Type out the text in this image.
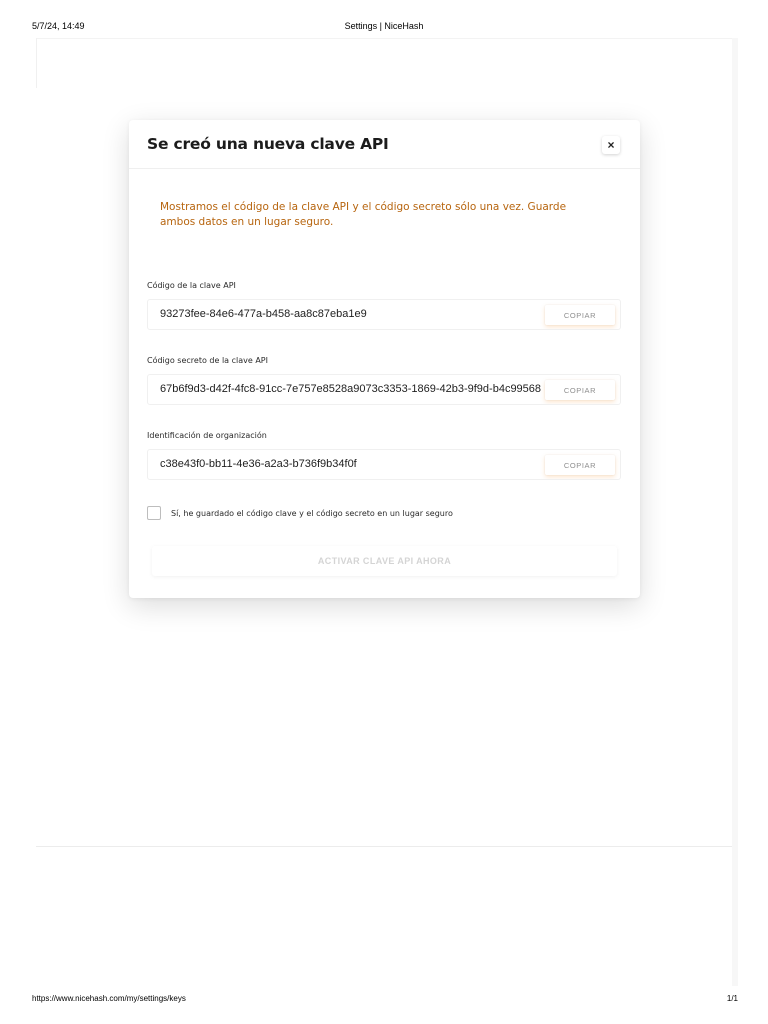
5/7/24, 14:49	Settings | NiceHash
Se creó una nueva clave API	×
Mostramos el código de la clave API y el código secreto sólo una vez. Guarde ambos datos en un lugar seguro.
Código de la clave API
93273fee-84e6-477a-b458-aa8c87eba1e9	COPIAR
Código secreto de la clave API
67b6f9d3-d42f-4fc8-91cc-7e757e8528a9073c3353-1869-42b3-9f9d-b4c99568	COPIAR
Identificación de organización
c38e43f0-bb11-4e36-a2a3-b736f9b34f0f	COPIAR
Sí, he guardado el código clave y el código secreto en un lugar seguro
ACTIVAR CLAVE API AHORA
https://www.nicehash.com/my/settings/keys	1/1
